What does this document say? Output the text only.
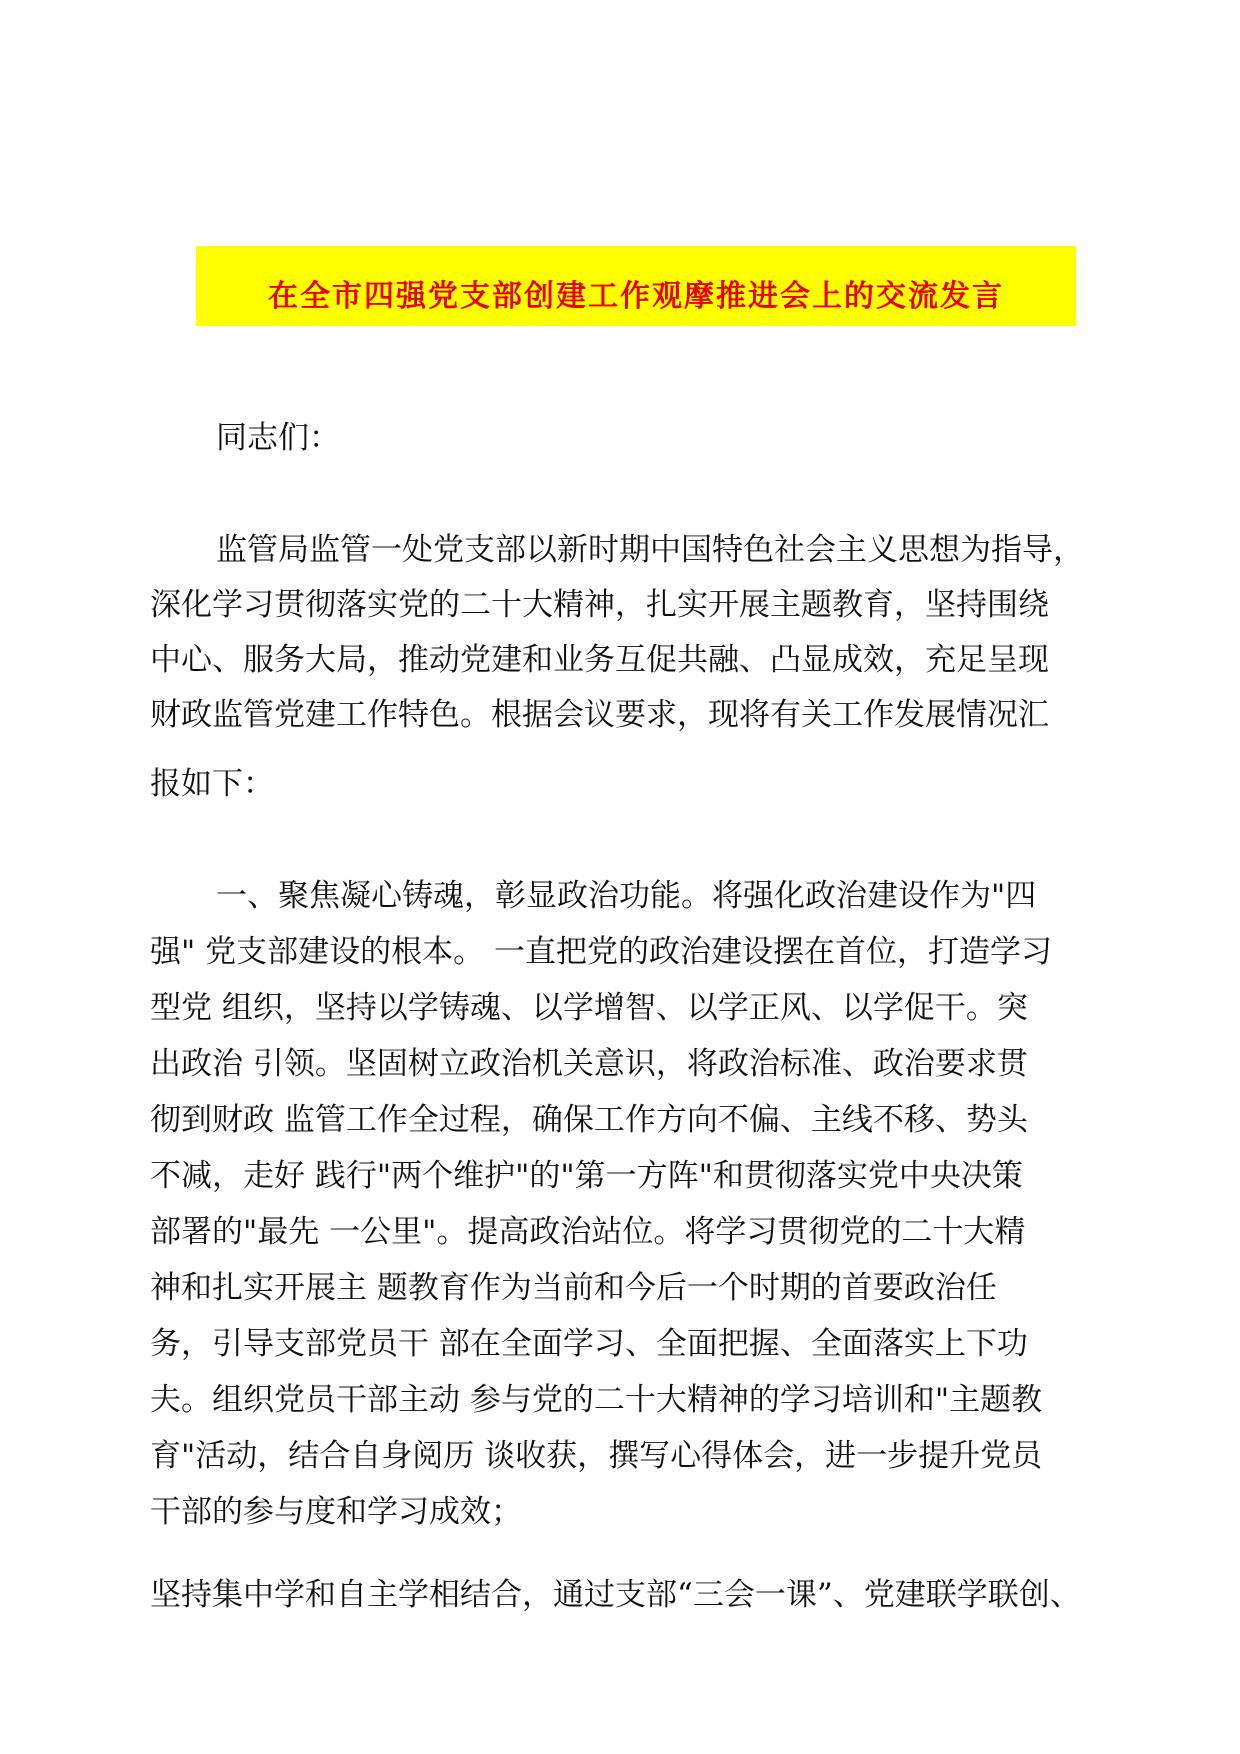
在全市四强党支部创建工作观摩推进会上的交流发言
同志们：
监管局监管一处党支部以新时期中国特色社会主义思想为指导，
深化学习贯彻落实党的二十大精神，扎实开展主题教育，坚持围绕
中心、服务大局，推动党建和业务互促共融、凸显成效，充足呈现
财政监管党建工作特色。根据会议要求，现将有关工作发展情况汇
报如下：
一、聚焦凝心铸魂，彰显政治功能。将强化政治建设作为"四
强" 党支部建设的根本。 一直把党的政治建设摆在首位，打造学习
型党 组织，坚持以学铸魂、以学增智、以学正风、以学促干。突
出政治 引领。坚固树立政治机关意识，将政治标准、政治要求贯
彻到财政 监管工作全过程，确保工作方向不偏、主线不移、势头
不减，走好 践行"两个维护"的"第一方阵"和贯彻落实党中央决策
部署的"最先 一公里"。提高政治站位。将学习贯彻党的二十大精
神和扎实开展主 题教育作为当前和今后一个时期的首要政治任
务，引导支部党员干 部在全面学习、全面把握、全面落实上下功
夫。组织党员干部主动 参与党的二十大精神的学习培训和"主题教
育"活动，结合自身阅历 谈收获，撰写心得体会，进一步提升党员
干部的参与度和学习成效；
坚持集中学和自主学相结合，通过支部“三会一课”、党建联学联创、
